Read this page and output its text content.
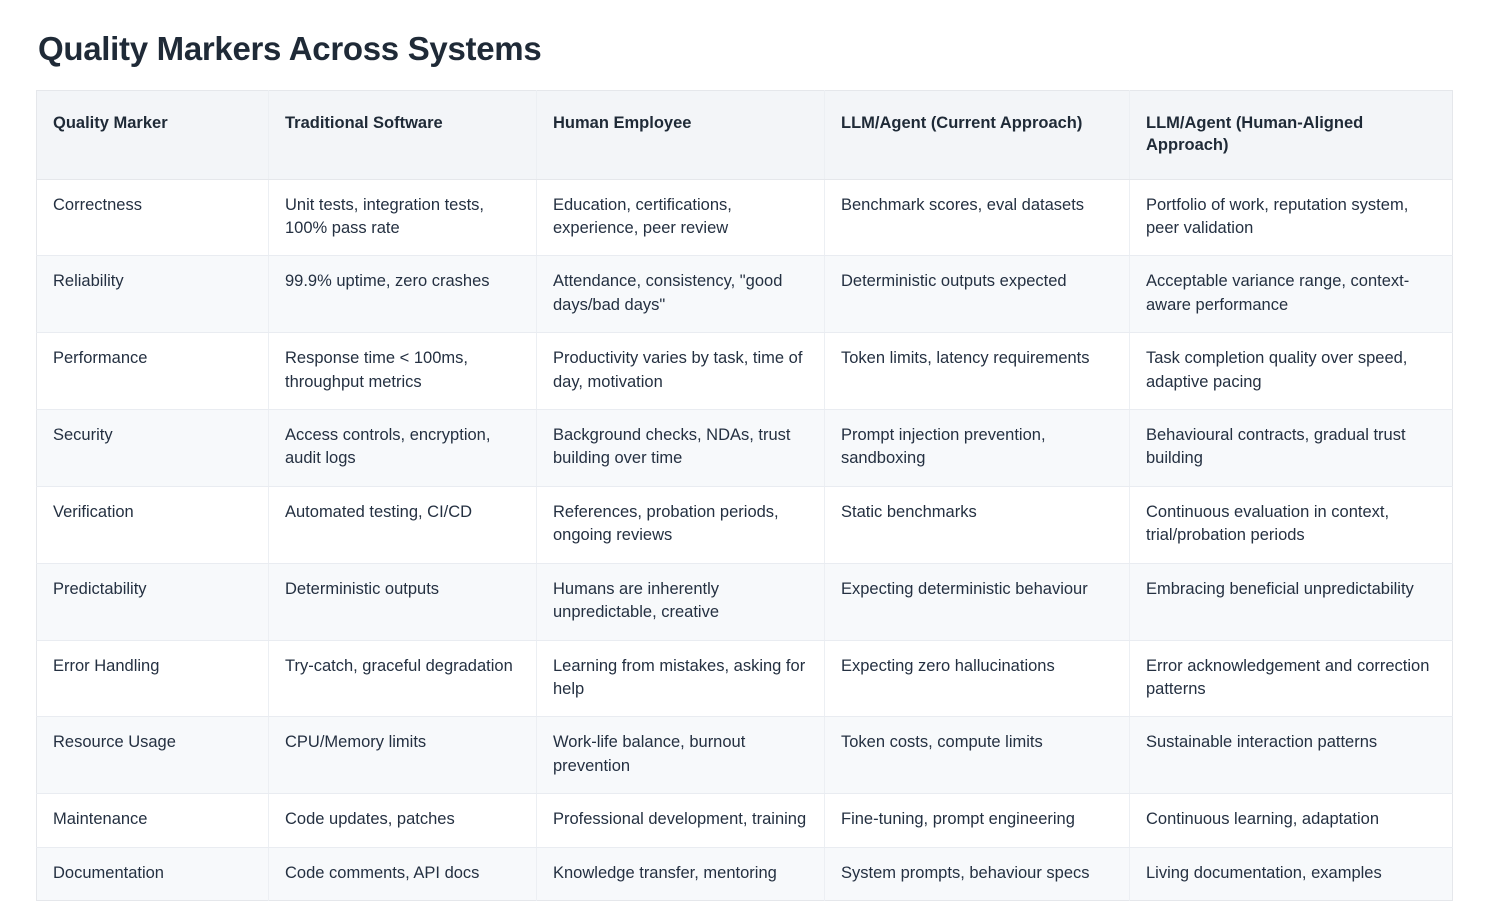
Quality Markers Across Systems
Quality Marker	Traditional Software	Human Employee	LLM/Agent (Current Approach)	LLM/Agent (Human-Aligned Approach)
Correctness	Unit tests, integration tests, 100% pass rate	Education, certifications, experience, peer review	Benchmark scores, eval datasets	Portfolio of work, reputation system, peer validation
Reliability	99.9% uptime, zero crashes	Attendance, consistency, "good days/bad days"	Deterministic outputs expected	Acceptable variance range, context-aware performance
Performance	Response time < 100ms, throughput metrics	Productivity varies by task, time of day, motivation	Token limits, latency requirements	Task completion quality over speed, adaptive pacing
Security	Access controls, encryption, audit logs	Background checks, NDAs, trust building over time	Prompt injection prevention, sandboxing	Behavioural contracts, gradual trust building
Verification	Automated testing, CI/CD	References, probation periods, ongoing reviews	Static benchmarks	Continuous evaluation in context, trial/probation periods
Predictability	Deterministic outputs	Humans are inherently unpredictable, creative	Expecting deterministic behaviour	Embracing beneficial unpredictability
Error Handling	Try-catch, graceful degradation	Learning from mistakes, asking for help	Expecting zero hallucinations	Error acknowledgement and correction patterns
Resource Usage	CPU/Memory limits	Work-life balance, burnout prevention	Token costs, compute limits	Sustainable interaction patterns
Maintenance	Code updates, patches	Professional development, training	Fine-tuning, prompt engineering	Continuous learning, adaptation
Documentation	Code comments, API docs	Knowledge transfer, mentoring	System prompts, behaviour specs	Living documentation, examples
